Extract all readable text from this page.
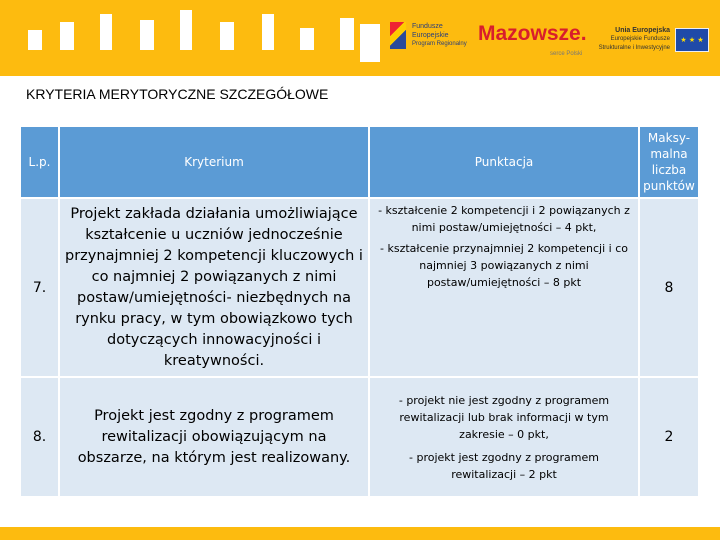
Fundusze
Europejskie
Program Regionalny Mazowsze.
serce Polski
Unia Europejska
Europejskie Fundusze
Strukturalne i Inwestycyjne
★ ★ ★
KRYTERIA MERYTORYCZNE SZCZEGÓŁOWE
L.p.	Kryterium	Punktacja	Maksy-malna liczba punktów
7.	Projekt zakłada działania umożliwiające kształcenie u uczniów jednocześnie przynajmniej 2 kompetencji kluczowych i co najmniej 2 powiązanych z nimi postaw/umiejętności- niezbędnych na rynku pracy, w tym obowiązkowo tych dotyczących innowacyjności i kreatywności.	- kształcenie 2 kompetencji i 2 powiązanych z nimi postaw/umiejętności – 4 pkt,
- kształcenie przynajmniej 2 kompetencji i co najmniej 3 powiązanych z nimi postaw/umiejętności – 8 pkt	8
8.	Projekt jest zgodny z programem rewitalizacji obowiązującym na obszarze, na którym jest realizowany.	- projekt nie jest zgodny z programem rewitalizacji lub brak informacji w tym zakresie – 0 pkt,
- projekt jest zgodny z programem rewitalizacji – 2 pkt	2
